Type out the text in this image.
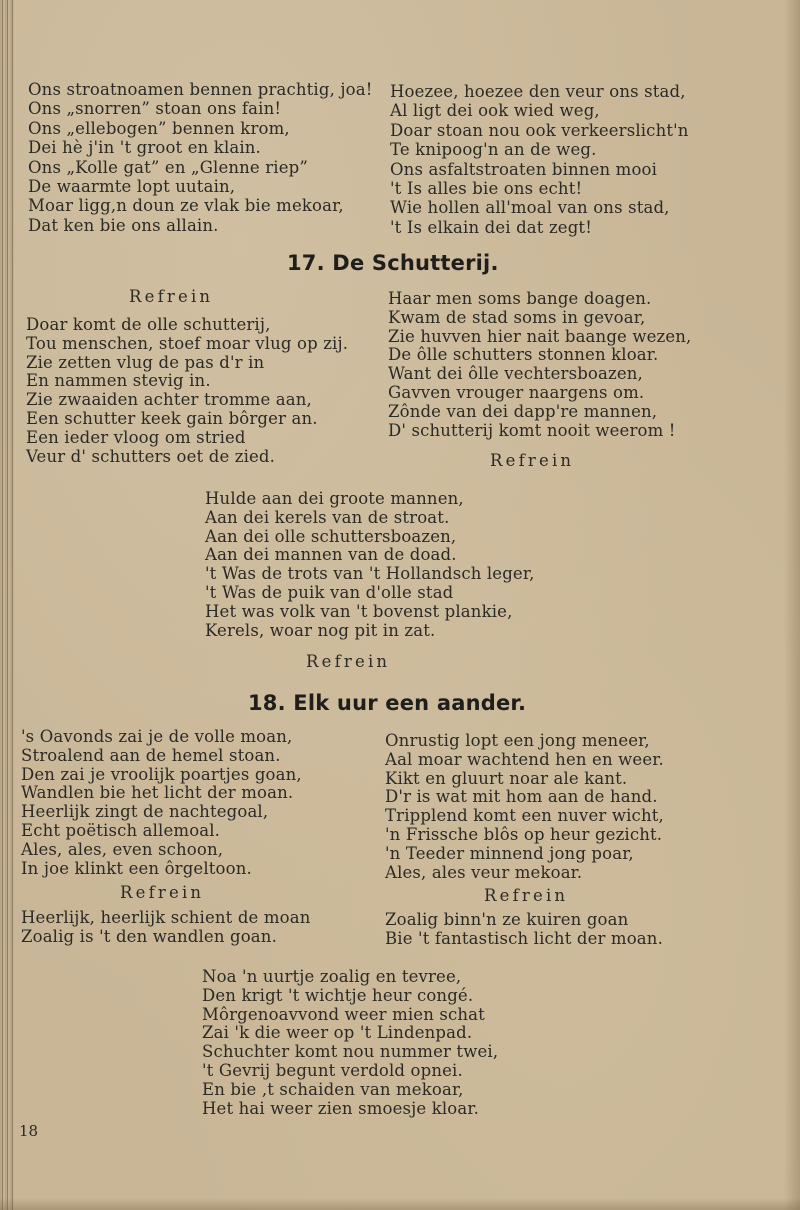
Ons stroatnoamen bennen prachtig, joa!
Ons „snorren” stoan ons fain!
Ons „ellebogen” bennen krom,
Dei hè j'in 't groot en klain.
Ons „Kolle gat” en „Glenne riep”
De waarmte lopt uutain,
Moar ligg,n doun ze vlak bie mekoar,
Dat ken bie ons allain.
Hoezee, hoezee den veur ons stad,
Al ligt dei ook wied weg,
Doar stoan nou ook verkeerslicht'n
Te knipoog'n an de weg.
Ons asfaltstroaten binnen mooi
't Is alles bie ons echt!
Wie hollen all'moal van ons stad,
't Is elkain dei dat zegt!
17. De Schutterij.
Refrein
Doar komt de olle schutterij,
Tou menschen, stoef moar vlug op zij.
Zie zetten vlug de pas d'r in
En nammen stevig in.
Zie zwaaiden achter tromme aan,
Een schutter keek gain bôrger an.
Een ieder vloog om stried
Veur d' schutters oet de zied.
Haar men soms bange doagen.
Kwam de stad soms in gevoar,
Zie huvven hier nait baange wezen,
De ôlle schutters stonnen kloar.
Want dei ôlle vechtersboazen,
Gavven vrouger naargens om.
Zônde van dei dapp're mannen,
D' schutterij komt nooit weerom !
Refrein
Hulde aan dei groote mannen,
Aan dei kerels van de stroat.
Aan dei olle schuttersboazen,
Aan dei mannen van de doad.
't Was de trots van 't Hollandsch leger,
't Was de puik van d'olle stad
Het was volk van 't bovenst plankie,
Kerels, woar nog pit in zat.
Refrein
18. Elk uur een aander.
's Oavonds zai je de volle moan,
Stroalend aan de hemel stoan.
Den zai je vroolijk poartjes goan,
Wandlen bie het licht der moan.
Heerlijk zingt de nachtegoal,
Echt poëtisch allemoal.
Ales, ales, even schoon,
In joe klinkt een ôrgeltoon.
Refrein
Heerlijk, heerlijk schient de moan
Zoalig is 't den wandlen goan.
Onrustig lopt een jong meneer,
Aal moar wachtend hen en weer.
Kikt en gluurt noar ale kant.
D'r is wat mit hom aan de hand.
Tripplend komt een nuver wicht,
'n Frissche blôs op heur gezicht.
'n Teeder minnend jong poar,
Ales, ales veur mekoar.
Refrein
Zoalig binn'n ze kuiren goan
Bie 't fantastisch licht der moan.
Noa 'n uurtje zoalig en tevree,
Den krigt 't wichtje heur congé.
Môrgenoavvond weer mien schat
Zai 'k die weer op 't Lindenpad.
Schuchter komt nou nummer twei,
't Gevrij begunt verdold opnei.
En bie ,t schaiden van mekoar,
Het hai weer zien smoesje kloar.
18
